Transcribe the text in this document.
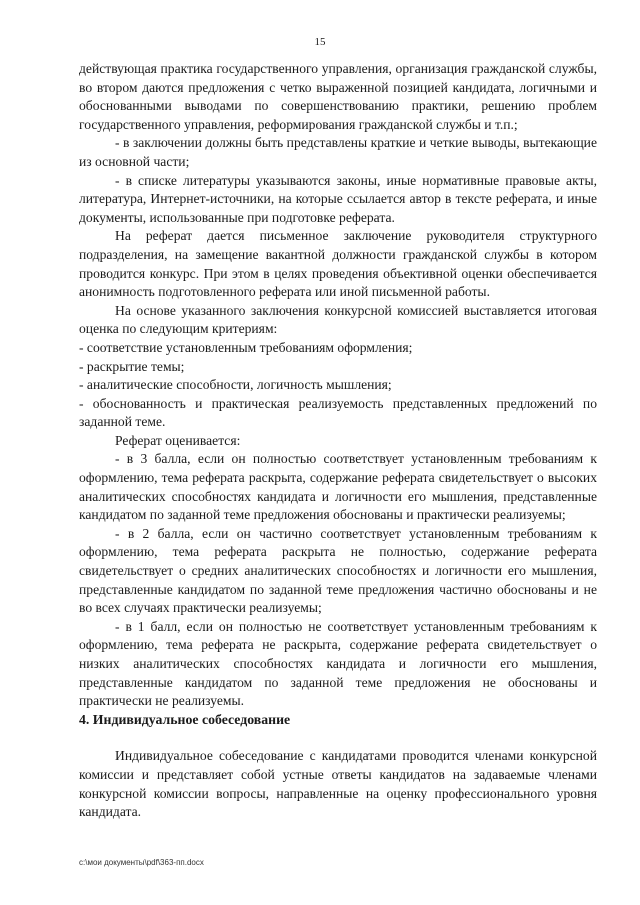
15

действующая практика государственного управления, организация гражданской службы, во втором даются предложения с четко выраженной позицией кандидата, логичными и обоснованными выводами по совершенствованию практики, решению проблем государственного управления, реформирования гражданской службы и т.п.;

- в заключении должны быть представлены краткие и четкие выводы, вытекающие из основной части;

- в списке литературы указываются законы, иные нормативные правовые акты, литература, Интернет-источники, на которые ссылается автор в тексте реферата, и иные документы, использованные при подготовке реферата.

На реферат дается письменное заключение руководителя структурного подразделения, на замещение вакантной должности гражданской службы в котором проводится конкурс. При этом в целях проведения объективной оценки обеспечивается анонимность подготовленного реферата или иной письменной работы.

На основе указанного заключения конкурсной комиссией выставляется итоговая оценка по следующим критериям:

- соответствие установленным требованиям оформления;

- раскрытие темы;

- аналитические способности, логичность мышления;

- обоснованность и практическая реализуемость представленных предложений по заданной теме.

Реферат оценивается:

- в 3 балла, если он полностью соответствует установленным требованиям к оформлению, тема реферата раскрыта, содержание реферата свидетельствует о высоких аналитических способностях кандидата и логичности его мышления, представленные кандидатом по заданной теме предложения обоснованы и практически реализуемы;

- в 2 балла, если он частично соответствует установленным требованиям к оформлению, тема реферата раскрыта не полностью, содержание реферата свидетельствует о средних аналитических способностях и логичности его мышления, представленные кандидатом по заданной теме предложения частично обоснованы и не во всех случаях практически реализуемы;

- в 1 балл, если он полностью не соответствует установленным требованиям к оформлению, тема реферата не раскрыта, содержание реферата свидетельствует о низких аналитических способностях кандидата и логичности его мышления, представленные кандидатом по заданной теме предложения не обоснованы и практически не реализуемы.

4. Индивидуальное собеседование

Индивидуальное собеседование с кандидатами проводится членами конкурсной комиссии и представляет собой устные ответы кандидатов на задаваемые членами конкурсной комиссии вопросы, направленные на оценку профессионального уровня кандидата.

c:\мои документы\pdf\363-пп.docx
